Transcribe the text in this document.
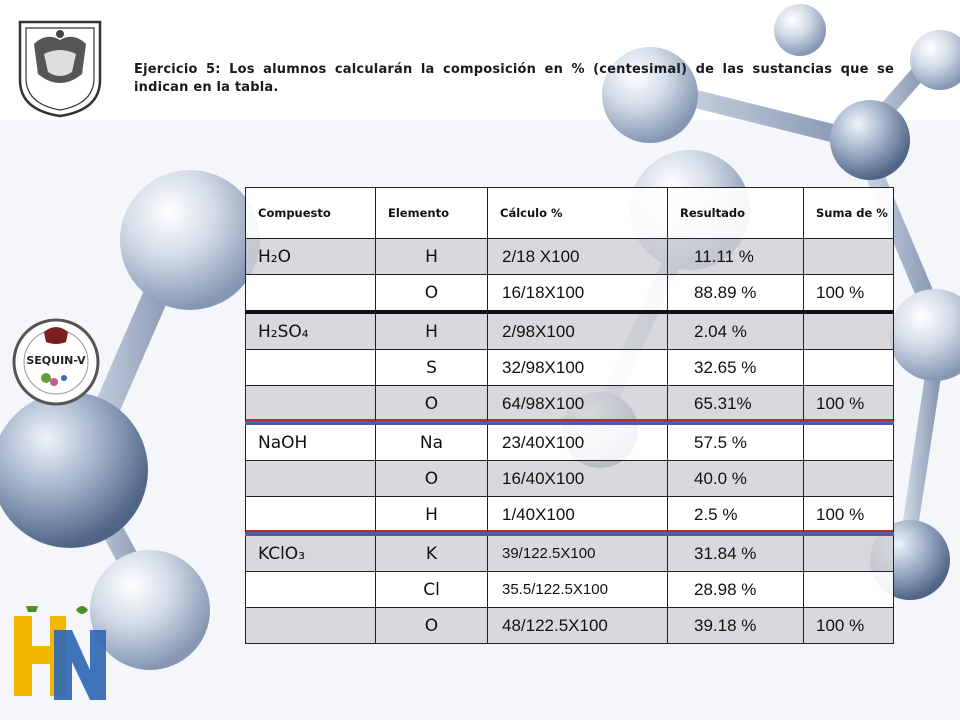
SEQUIN-V

Ejercicio 5: Los alumnos calcularán la composición en % (centesimal) de las sustancias que se indican en la tabla.

Compuesto	Elemento	Cálculo %	Resultado	Suma de %
H₂O	H	2/18 X100	11.11 %	
	O	16/18X100	88.89 %	100 %
H₂SO₄	H	2/98X100	2.04 %	
	S	32/98X100	32.65 %	
	O	64/98X100	65.31%	100 %
NaOH	Na	23/40X100	57.5 %	
	O	16/40X100	40.0 %	
	H	1/40X100	2.5 %	100 %
KClO₃	K	39/122.5X100	31.84 %	
	Cl	35.5/122.5X100	28.98 %	
	O	48/122.5X100	39.18 %	100 %
